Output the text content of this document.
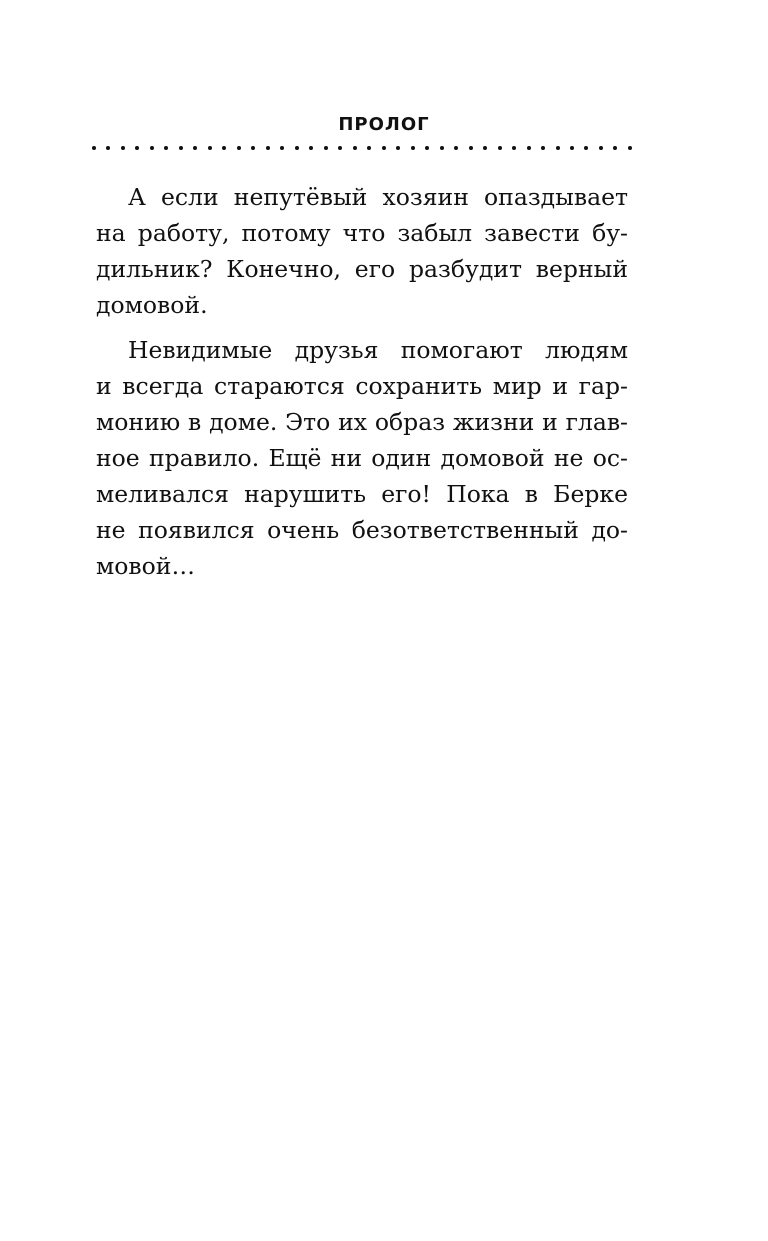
ПРОЛОГ
А если непутёвый хозяин опаздывает
на работу, потому что забыл завести бу-
дильник? Конечно, его разбудит верный
домовой.
Невидимые друзья помогают людям
и всегда стараются сохранить мир и гар-
монию в доме. Это их образ жизни и глав-
ное правило. Ещё ни один домовой не ос-
меливался нарушить его! Пока в Берке
не появился очень безответственный до-
мовой…
